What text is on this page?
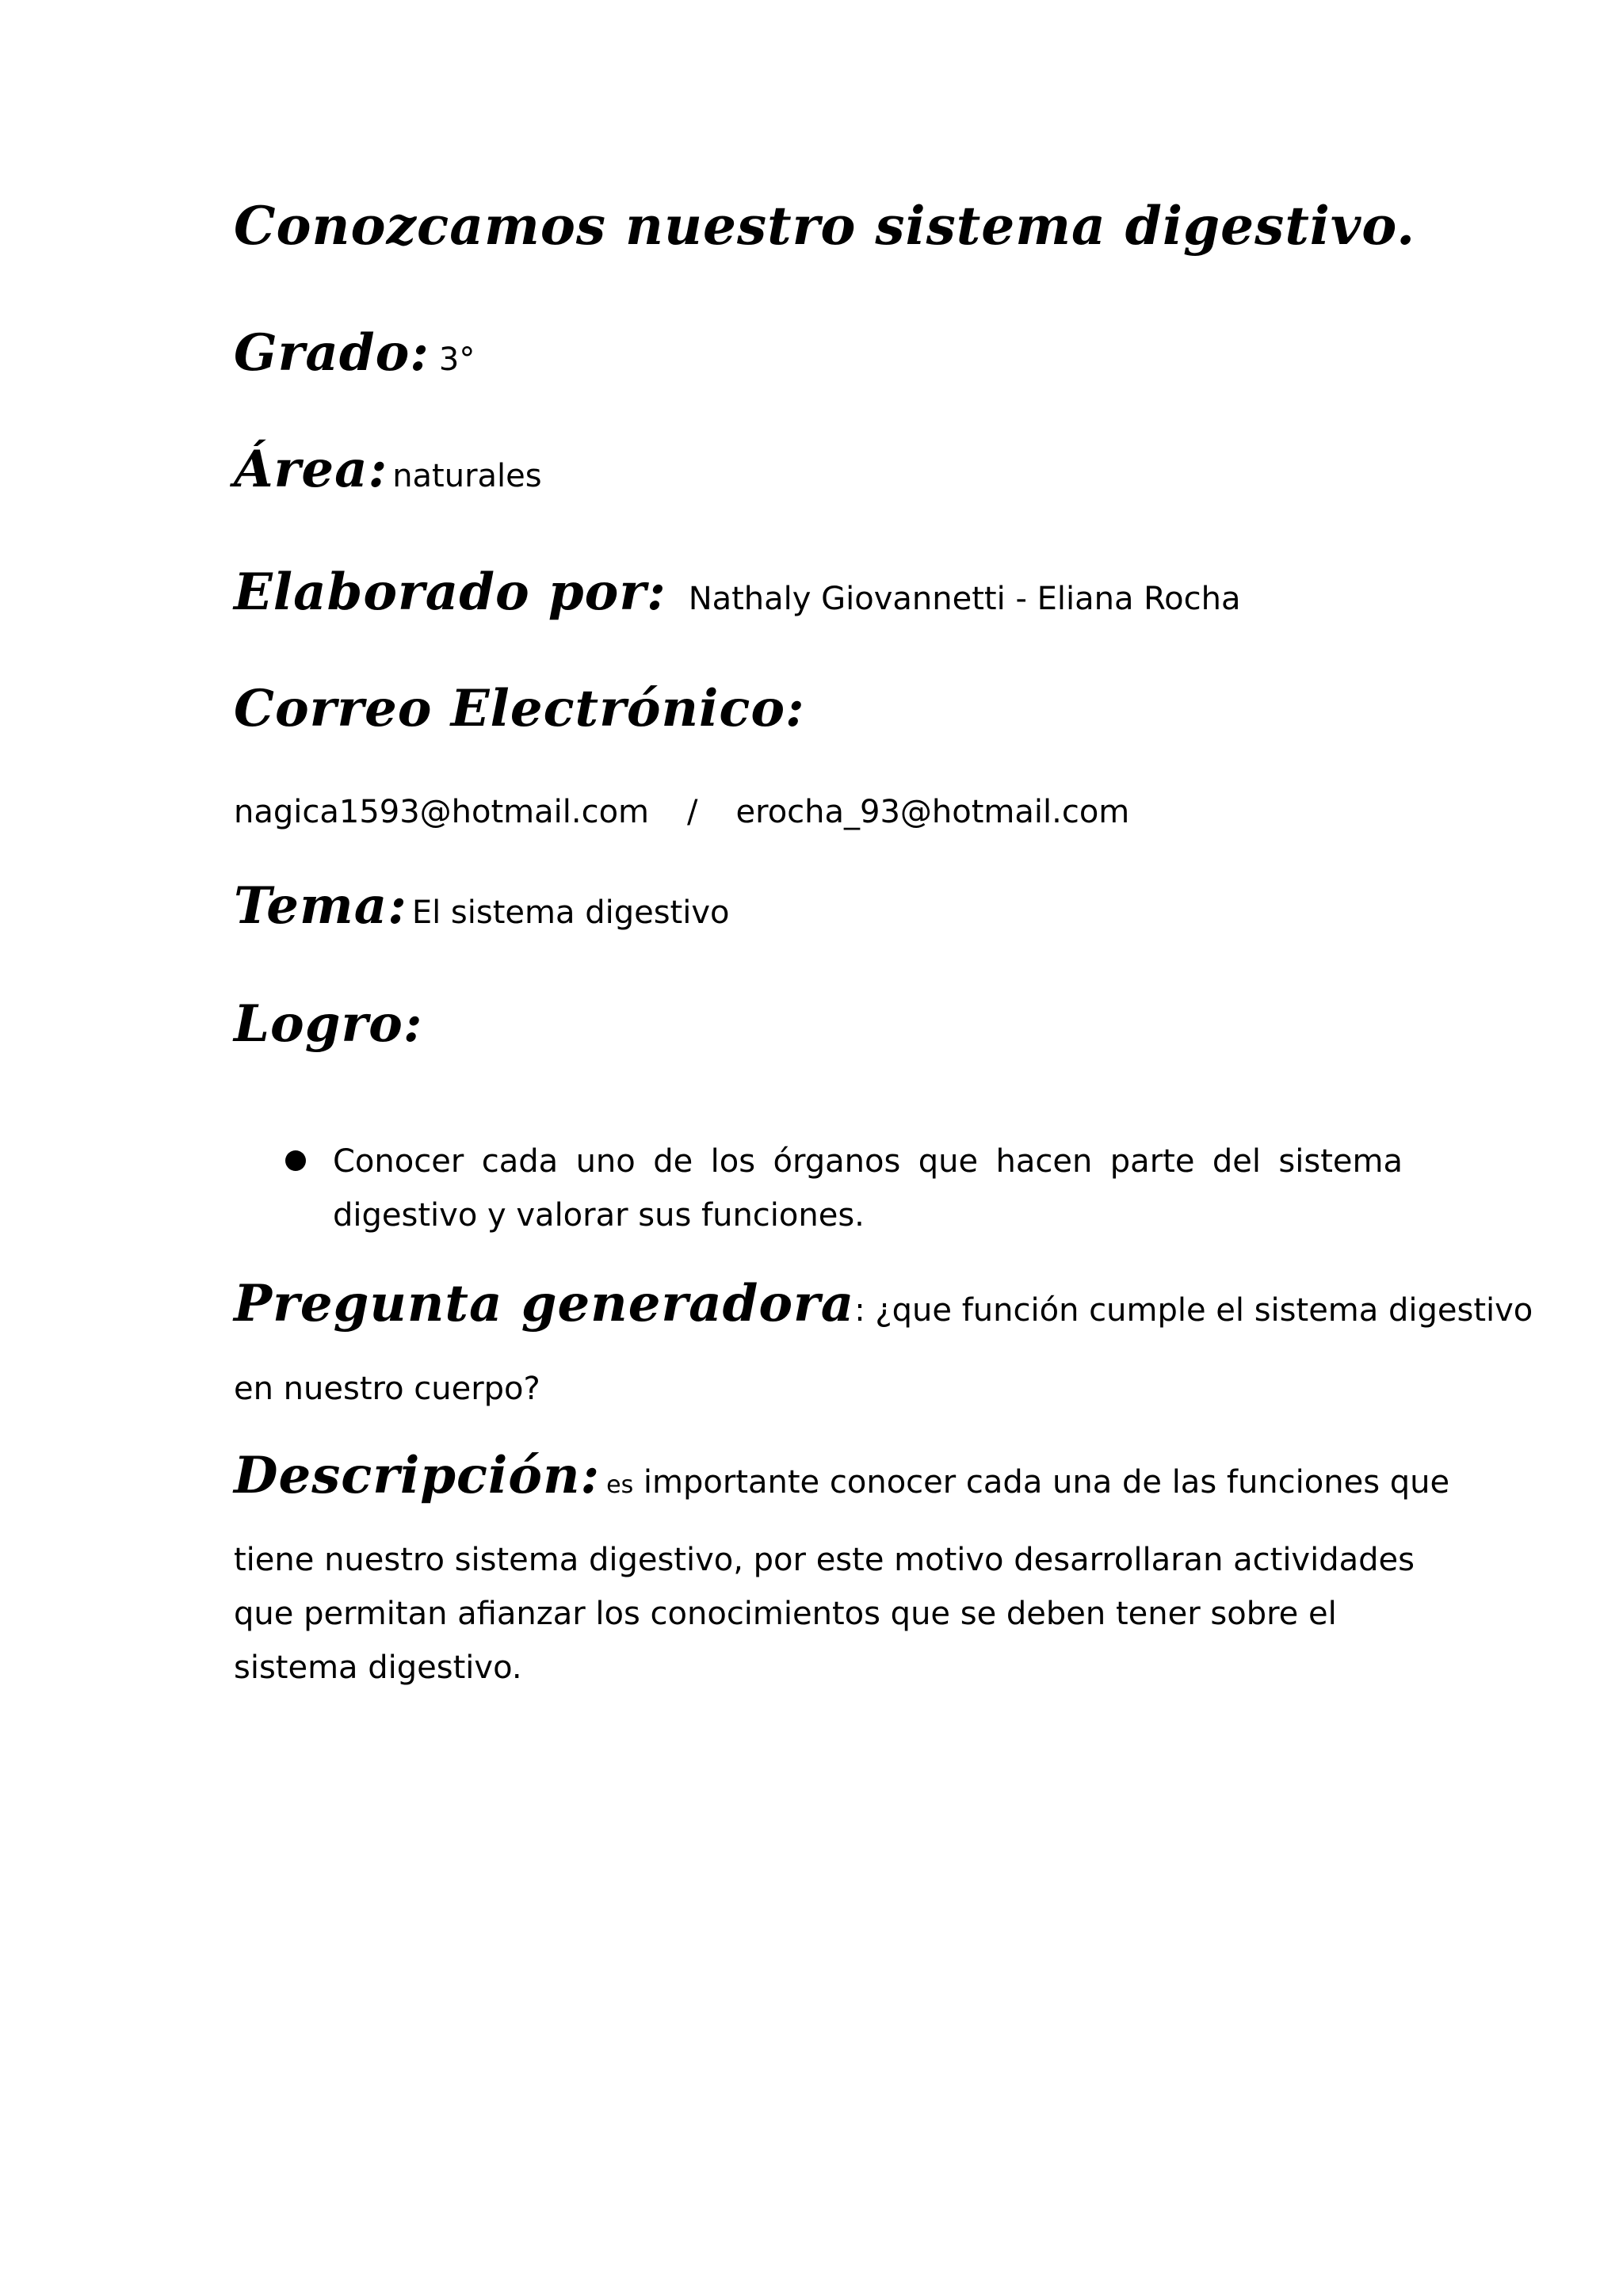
Conozcamos nuestro sistema digestivo.
Grado: 3°
Área: naturales
Elaborado por: Nathaly Giovannetti - Eliana Rocha
Correo Electrónico:
nagica1593@hotmail.com / erocha_93@hotmail.com
Tema: El sistema digestivo
Logro:
Conocer cada uno de los órganos que hacen parte del sistema digestivo y valorar sus funciones.
Pregunta generadora: ¿que función cumple el sistema digestivo
en nuestro cuerpo?
Descripción: es importante conocer cada una de las funciones que

tiene nuestro sistema digestivo, por este motivo desarrollaran actividades

que permitan afianzar los conocimientos que se deben tener sobre el

sistema digestivo.
